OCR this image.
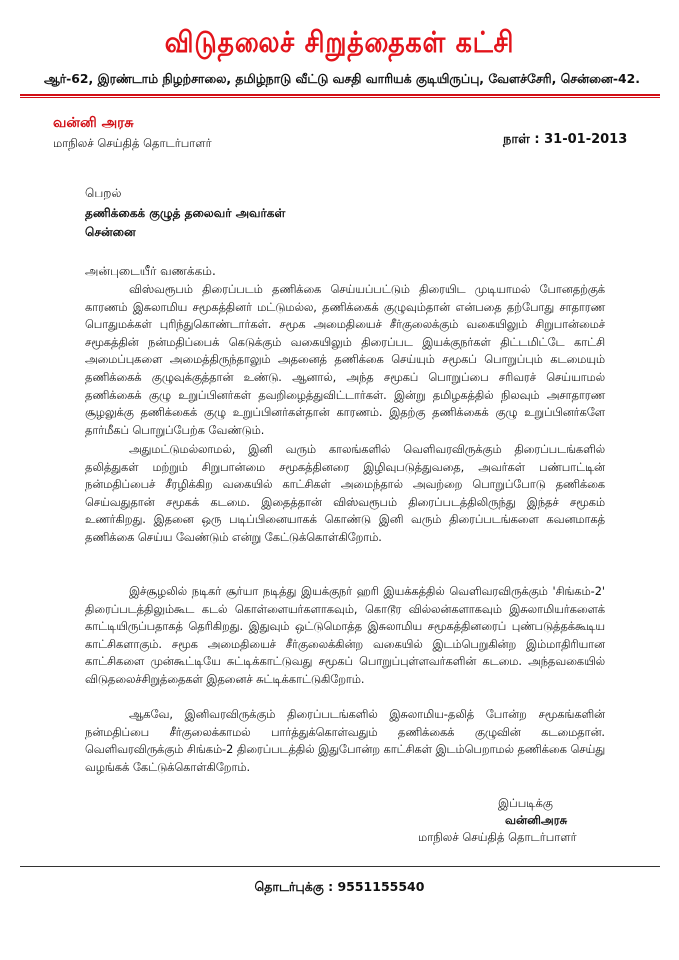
விடுதலைச் சிறுத்தைகள் கட்சி
ஆர்-62, இரண்டாம் நிழற்சாலை, தமிழ்நாடு வீட்டு வசதி வாரியக் குடியிருப்பு, வேளச்சேரி, சென்னை-42.
வன்னி அரசு
மாநிலச் செய்தித் தொடர்பாளர்	நாள் : 31-01-2013
பெறல்
தணிக்கைக் குழுத் தலைவர் அவர்கள்
சென்னை
அன்புடையீர் வணக்கம்.

விஸ்வரூபம் திரைப்படம் தணிக்கை செய்யப்பட்டும் திரையிட முடியாமல் போனதற்குக் காரணம் இசுலாமிய சமூகத்தினர் மட்டுமல்ல, தணிக்கைக் குழுவும்தான் என்பதை தற்போது சாதாரண பொதுமக்கள் புரிந்துகொண்டார்கள். சமூக அமைதியைச் சீர்குலைக்கும் வகையிலும் சிறுபான்மைச் சமூகத்தின் நன்மதிப்பைக் கெடுக்கும் வகையிலும் திரைப்பட இயக்குநர்கள் திட்டமிட்டே காட்சி அமைப்புகளை அமைத்திருந்தாலும் அதனைத் தணிக்கை செய்யும் சமூகப் பொறுப்பும் கடமையும் தணிக்கைக் குழுவுக்குத்தான் உண்டு. ஆனால், அந்த சமூகப் பொறுப்பை சரிவரச் செய்யாமல் தணிக்கைக் குழு உறுப்பினர்கள் தவறிழைத்துவிட்டார்கள். இன்று தமிழகத்தில் நிலவும் அசாதாரண சூழலுக்கு தணிக்கைக் குழு உறுப்பினர்கள்தான் காரணம். இதற்கு தணிக்கைக் குழு உறுப்பினர்களே தார்மீகப் பொறுப்பேற்க வேண்டும்.

அதுமட்டுமல்லாமல், இனி வரும் காலங்களில் வெளிவரவிருக்கும் திரைப்படங்களில் தலித்துகள் மற்றும் சிறுபான்மை சமூகத்தினரை இழிவுபடுத்துவதை, அவர்கள் பண்பாட்டின் நன்மதிப்பைச் சீரழிக்கிற வகையில் காட்சிகள் அமைந்தால் அவற்றை பொறுப்போடு தணிக்கை செய்வதுதான் சமூகக் கடமை. இதைத்தான் விஸ்வரூபம் திரைப்படத்திலிருந்து இந்தச் சமூகம் உணர்கிறது. இதனை ஒரு படிப்பினையாகக் கொண்டு இனி வரும் திரைப்படங்களை கவனமாகத் தணிக்கை செய்ய வேண்டும் என்று கேட்டுக்கொள்கிறோம்.

இச்சூழலில் நடிகர் சூர்யா நடித்து இயக்குநர் ஹரி இயக்கத்தில் வெளிவரவிருக்கும் 'சிங்கம்-2' திரைப்படத்திலும்கூட கடல் கொள்ளையர்களாகவும், கொடூர வில்லன்களாகவும் இசுலாமியர்களைக் காட்டியிருப்பதாகத் தெரிகிறது. இதுவும் ஒட்டுமொத்த இசுலாமிய சமூகத்தினரைப் புண்படுத்தக்கூடிய காட்சிகளாகும். சமூக அமைதியைச் சீர்குலைக்கின்ற வகையில் இடம்பெறுகின்ற இம்மாதிரியான காட்சிகளை முன்கூட்டியே சுட்டிக்காட்டுவது சமூகப் பொறுப்புள்ளவர்களின் கடமை. அந்தவகையில் விடுதலைச்சிறுத்தைகள் இதனைச் சுட்டிக்காட்டுகிறோம்.

ஆகவே, இனிவரவிருக்கும் திரைப்படங்களில் இசுலாமிய-தலித் போன்ற சமூகங்களின் நன்மதிப்பை சீர்குலைக்காமல் பார்த்துக்கொள்வதும் தணிக்கைக் குழுவின் கடமைதான். வெளிவரவிருக்கும் சிங்கம்-2 திரைப்படத்தில் இதுபோன்ற காட்சிகள் இடம்பெறாமல் தணிக்கை செய்து வழங்கக் கேட்டுக்கொள்கிறோம்.

இப்படிக்கு
வன்னிஅரசு
மாநிலச் செய்தித் தொடர்பாளர்
தொடர்புக்கு : 9551155540
